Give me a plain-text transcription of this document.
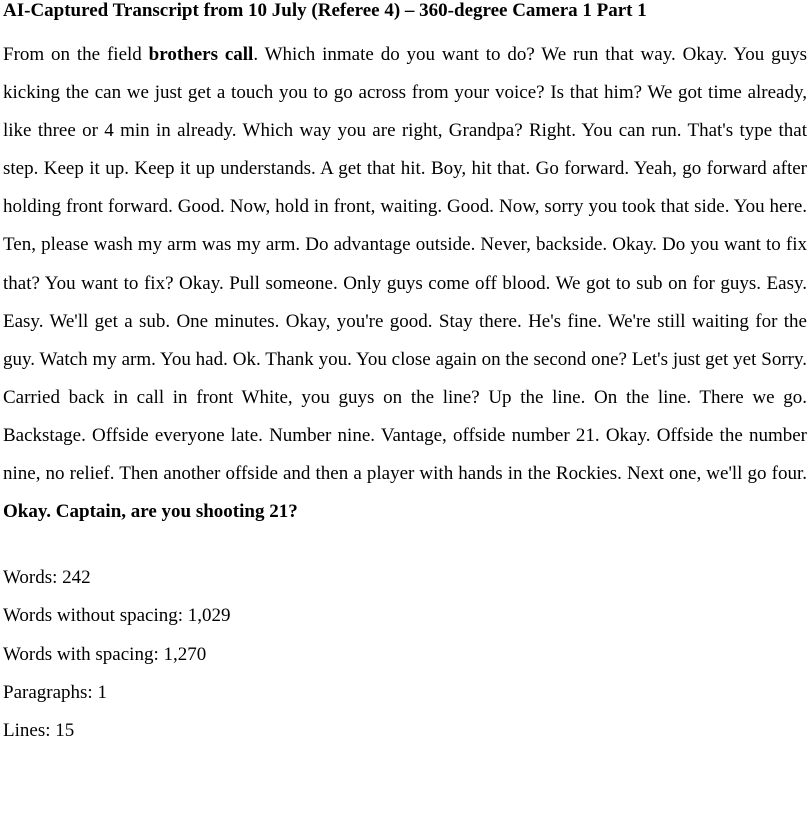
AI-Captured Transcript from 10 July (Referee 4) – 360-degree Camera 1 Part 1

From on the field brothers call. Which inmate do you want to do? We run that way. Okay. You guys kicking the can we just get a touch you to go across from your voice? Is that him? We got time already, like three or 4 min in already. Which way you are right, Grandpa? Right. You can run. That's type that step. Keep it up. Keep it up understands. A get that hit. Boy, hit that. Go forward. Yeah, go forward after holding front forward. Good. Now, hold in front, waiting. Good. Now, sorry you took that side. You here. Ten, please wash my arm was my arm. Do advantage outside. Never, backside. Okay. Do you want to fix that? You want to fix? Okay. Pull someone. Only guys come off blood. We got to sub on for guys. Easy. Easy. We'll get a sub. One minutes. Okay, you're good. Stay there. He's fine. We're still waiting for the guy. Watch my arm. You had. Ok. Thank you. You close again on the second one? Let's just get yet Sorry. Carried back in call in front White, you guys on the line? Up the line. On the line. There we go. Backstage. Offside everyone late. Number nine. Vantage, offside number 21. Okay. Offside the number nine, no relief. Then another offside and then a player with hands in the Rockies. Next one, we'll go four. Okay. Captain, are you shooting 21?

Words: 242
Words without spacing: 1,029
Words with spacing: 1,270
Paragraphs: 1
Lines: 15
